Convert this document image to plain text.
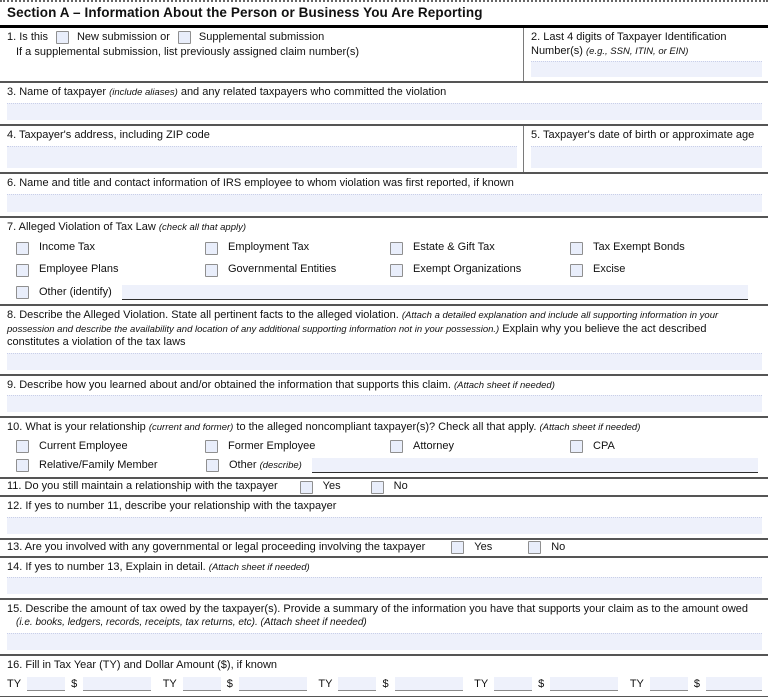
Section A – Information About the Person or Business You Are Reporting
1. Is this	New submission or	Supplemental submission
If a supplemental submission, list previously assigned claim number(s)
2. Last 4 digits of Taxpayer Identification Number(s) (e.g., SSN, ITIN, or EIN)
3. Name of taxpayer (include aliases) and any related taxpayers who committed the violation
4. Taxpayer's address, including ZIP code	5. Taxpayer's date of birth or approximate age
6. Name and title and contact information of IRS employee to whom violation was first reported, if known
7. Alleged Violation of Tax Law (check all that apply)
Income Tax	Employment Tax	Estate & Gift Tax	Tax Exempt Bonds
Employee Plans	Governmental Entities	Exempt Organizations	Excise
Other (identify)
8. Describe the Alleged Violation. State all pertinent facts to the alleged violation. (Attach a detailed explanation and include all supporting information in your possession and describe the availability and location of any additional supporting information not in your possession.) Explain why you believe the act described constitutes a violation of the tax laws
9. Describe how you learned about and/or obtained the information that supports this claim. (Attach sheet if needed)
10. What is your relationship (current and former) to the alleged noncompliant taxpayer(s)? Check all that apply. (Attach sheet if needed)
Current Employee	Former Employee	Attorney	CPA
Relative/Family Member	Other (describe)
11. Do you still maintain a relationship with the taxpayer	Yes	No
12. If yes to number 11, describe your relationship with the taxpayer
13. Are you involved with any governmental or legal proceeding involving the taxpayer	Yes	No
14. If yes to number 13, Explain in detail. (Attach sheet if needed)
15. Describe the amount of tax owed by the taxpayer(s). Provide a summary of the information you have that supports your claim as to the amount owed
(i.e. books, ledgers, records, receipts, tax returns, etc). (Attach sheet if needed)
16. Fill in Tax Year (TY) and Dollar Amount ($), if known
TY	$	TY	$	TY	$	TY	$	TY	$
